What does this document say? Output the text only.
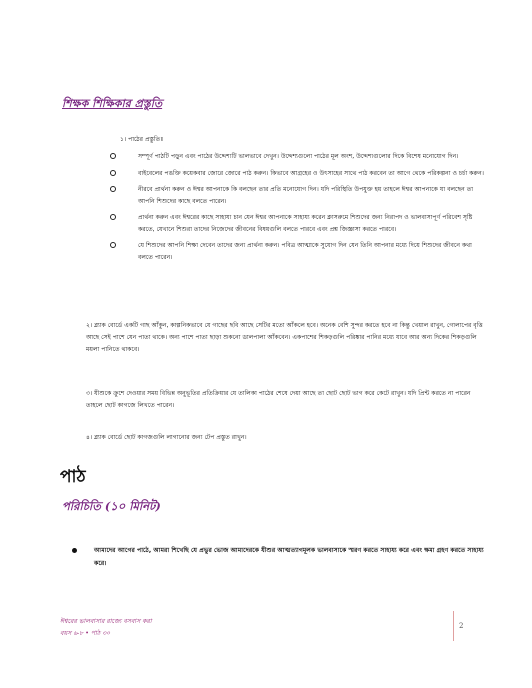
শিক্ষক শিক্ষিকার প্রস্তুতি
১। পাঠের প্রস্তুতিঃ
সম্পূর্ণ পাঠটি পড়ুন এবং পাঠের উদ্দেশ্যটি ভালভাবে দেখুন। উদ্দেশ্যগুলো পাঠের মূল অংশ, উদ্দেশ্যগুলোর দিকে বিশেষ মনোযোগ দিন।
বাইবেলের পঙক্তি কয়েকবার জোরে জোরে পাঠ করুন। কিভাবে আগ্রহের ও উৎসাহের সাথে পাঠ করবেন তা আগে থেকে পরিকল্পনা ও চর্চা করুন।
নীরবে প্রার্থনা করুন ও ঈশ্বর আপনাকে কি বলছেন তার প্রতি মনোযোগ দিন। যদি পরিস্থিতি উপযুক্ত হয় তাহলে ঈশ্বর আপনাকে যা বলছেন তা আপনি শিশুদের কাছে বলতে পারেন।
প্রার্থনা করুন এবং ঈশ্বরের কাছে সাহায্য চান যেন ঈশ্বর আপনাকে সাহায্য করেন ক্লাসরুমে শিশুদের জন্য নিরাপদ ও ভালবাসাপূর্ণ পরিবেশ সৃষ্টি করতে, যেখানে শিশুরা তাদের নিজেদের জীবনের বিষয়গুলি বলতে পারবে এবং প্রশ্ন জিজ্ঞাসা করতে পারবে।
যে শিশুদের আপনি শিক্ষা দেবেন তাদের জন্য প্রার্থনা করুন। পবিত্র আত্মাকে সুযোগ দিন যেন তিনি আপনার মধ্যে দিয়ে শিশুদের জীবনে কথা বলতে পারেন।
২। ব্ল্যাক বোর্ডে একটি গাছ আঁকুন, কাল্পনিকভাবে যে গাছের ছবি আছে সেটির মতো আঁকলে হবে। অনেক বেশি সুন্দর করতে হবে না কিন্তু খেয়াল রাখুন, গোলাপের বৃত্তি আছে সেই পাশে যেন পাতা থাকে। অন্য পাশে পাতা ছাড়া শুকনো ডালপালা আঁকবেন। একপাশের শিকড়গুলি পরিষ্কার পানির মধ্যে যাবে আর অন্য দিকের শিকড়গুলি ময়লা পানিতে থাকবে।
৩। যীশুকে ক্রুশে দেওয়ার সময় বিভিন্ন অনুভূতির প্রতিক্রিয়ার যে তালিকা পাঠের শেষে দেয়া আছে তা ছোট ছোট ভাগ করে কেটে রাখুন। যদি প্রিন্ট করতে না পারেন তাহলে ছোট কাগজে লিখতে পারেন।
৪। ব্ল্যাক বোর্ডে ছোট কাগজগুলি লাগানোর জন্য টেপ প্রস্তুত রাখুন।
পাঠ
পরিচিতি (১০ মিনিট)
আমাদের আগের পাঠে, আমরা শিখেছি যে প্রভুর ভোজ আমাদেরকে যীশুর আত্মত্যাগমূলক ভালবাসাকে স্মরণ করতে সাহায্য করে এবং ক্ষমা গ্রহণ করতে সাহায্য করে।
ঈশ্বরের ভালবাসার রাজ্যে বসবাস করা
বয়স ৬-৮ • পাঠ ৩০
2
